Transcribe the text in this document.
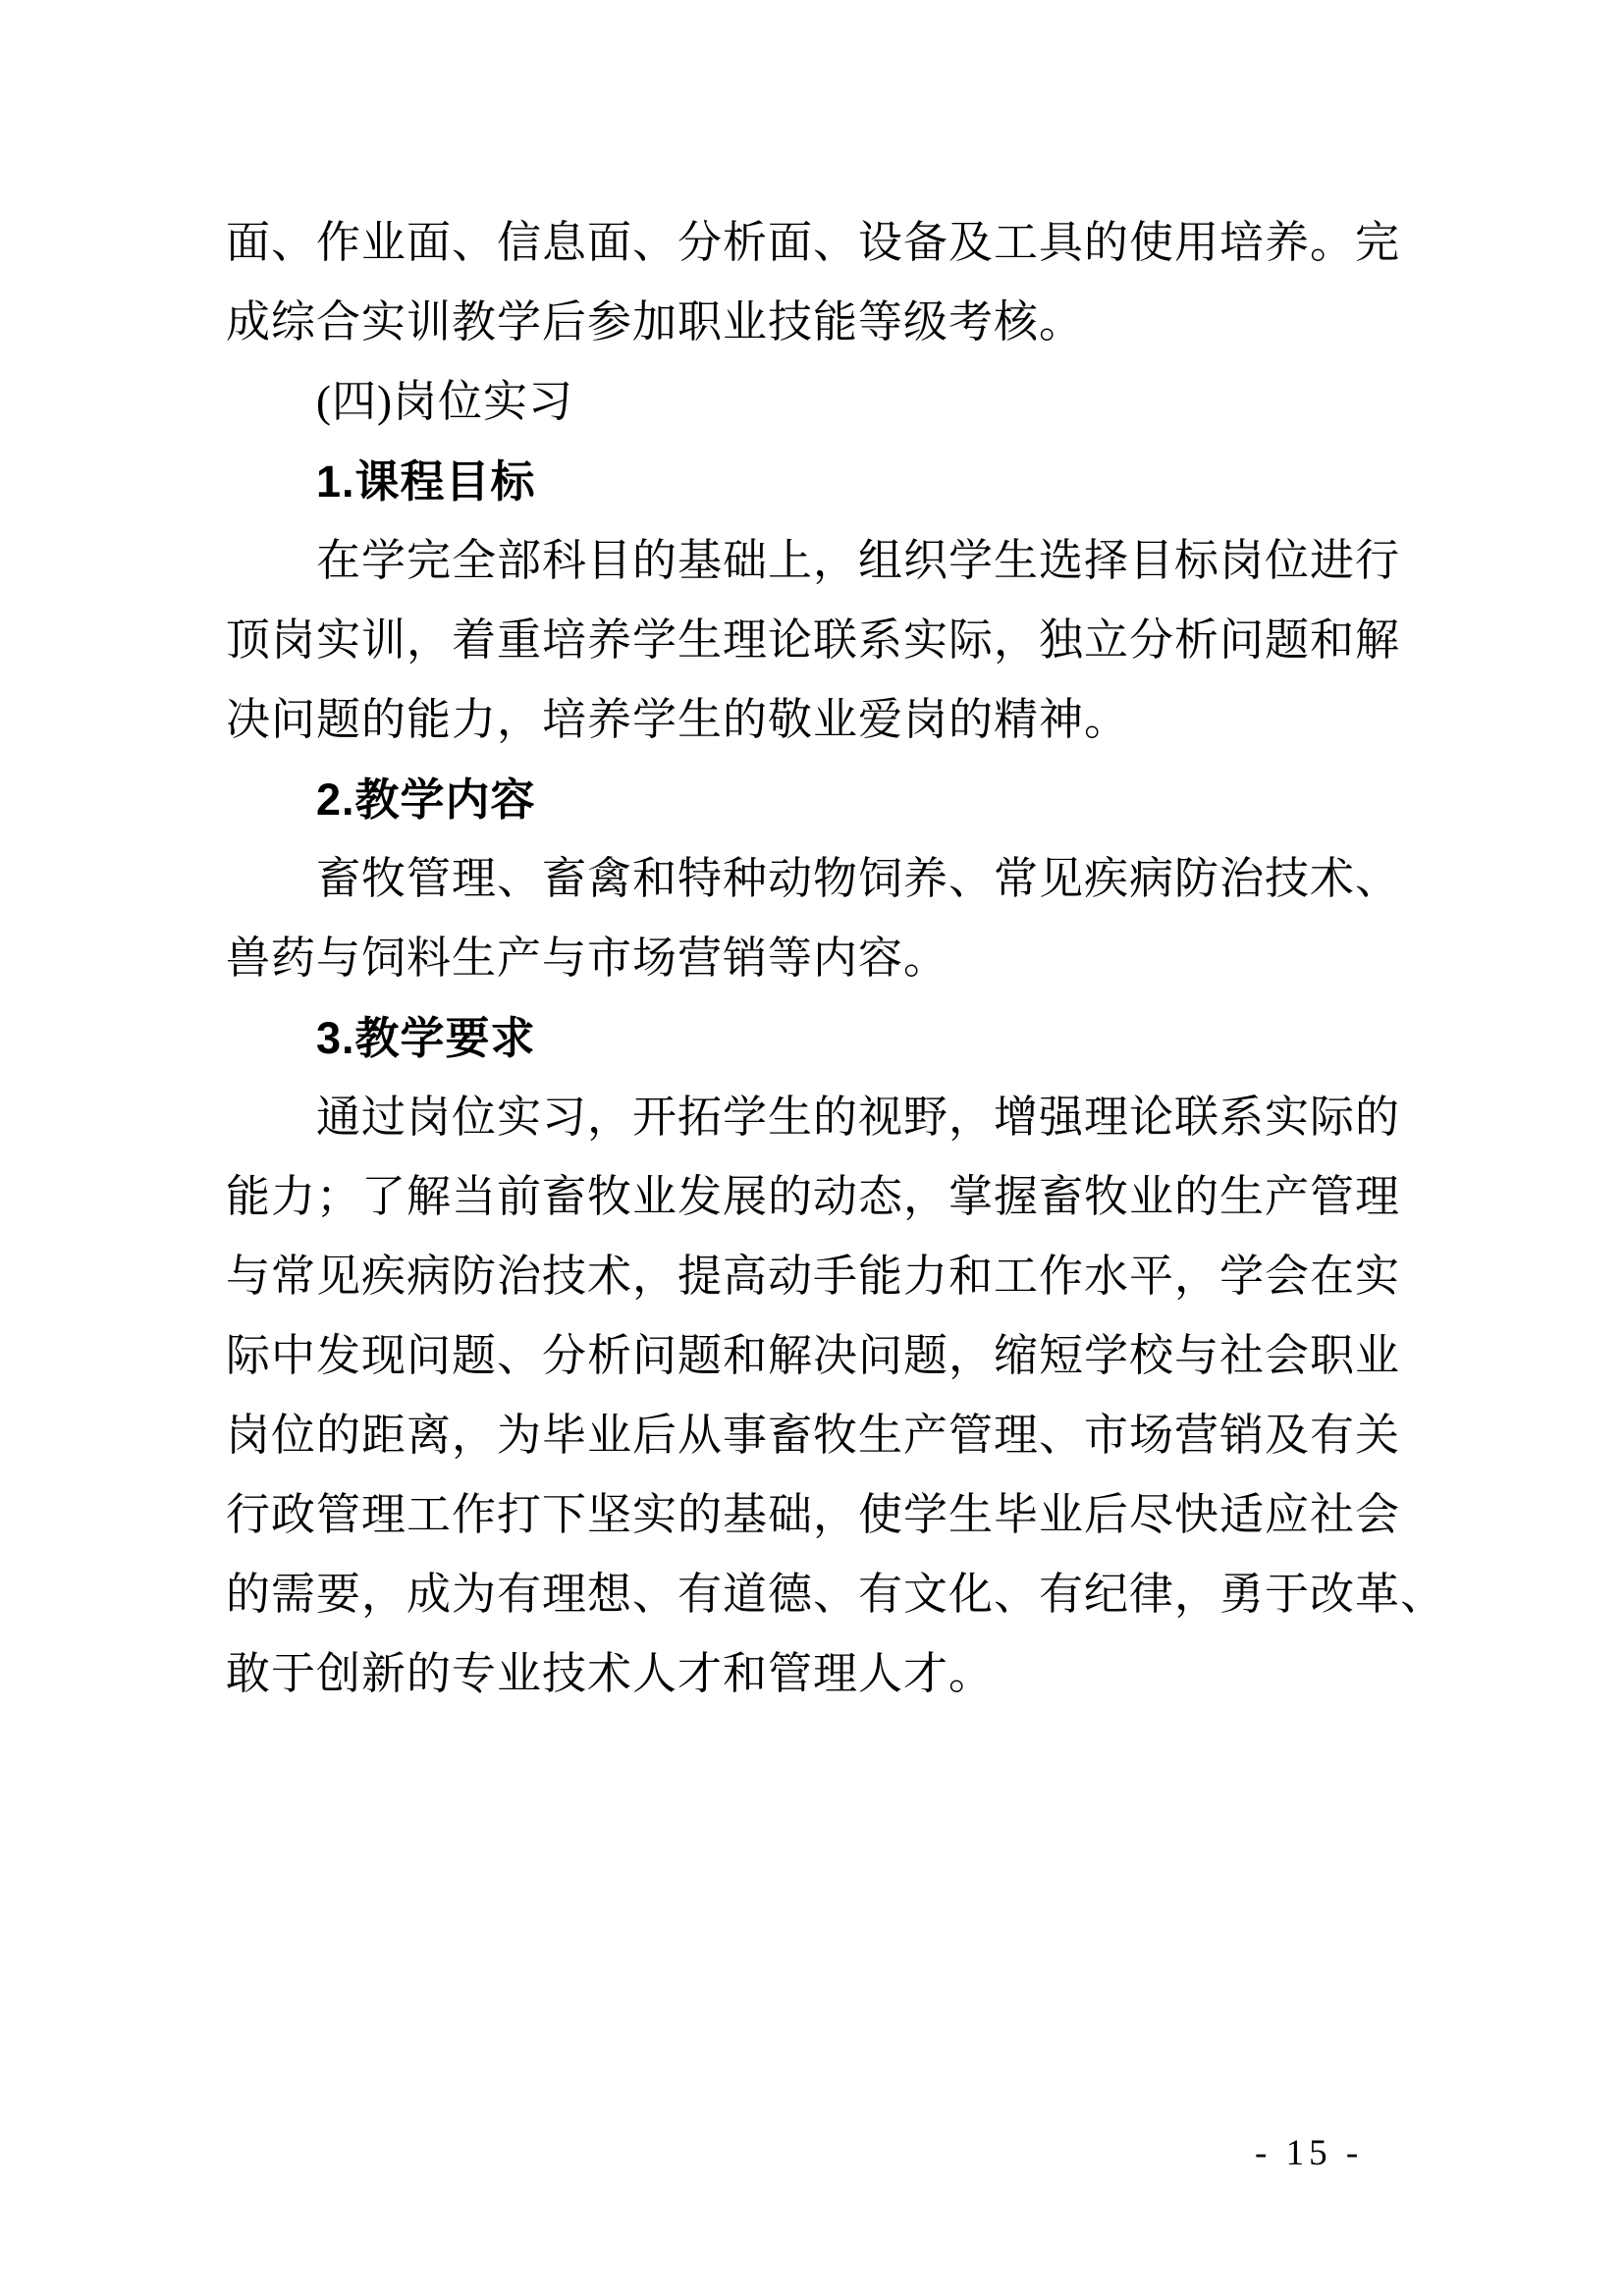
面、作业面、信息面、分析面、设备及工具的使用培养。完
成综合实训教学后参加职业技能等级考核。
(四)岗位实习
1.课程目标
在学完全部科目的基础上，组织学生选择目标岗位进行
顶岗实训，着重培养学生理论联系实际，独立分析问题和解
决问题的能力，培养学生的敬业爱岗的精神。
2.教学内容
畜牧管理、畜禽和特种动物饲养、常见疾病防治技术、
兽药与饲料生产与市场营销等内容。
3.教学要求
通过岗位实习，开拓学生的视野，增强理论联系实际的
能力；了解当前畜牧业发展的动态，掌握畜牧业的生产管理
与常见疾病防治技术，提高动手能力和工作水平，学会在实
际中发现问题、分析问题和解决问题，缩短学校与社会职业
岗位的距离，为毕业后从事畜牧生产管理、市场营销及有关
行政管理工作打下坚实的基础，使学生毕业后尽快适应社会
的需要，成为有理想、有道德、有文化、有纪律，勇于改革、
敢于创新的专业技术人才和管理人才。
- 15 -
